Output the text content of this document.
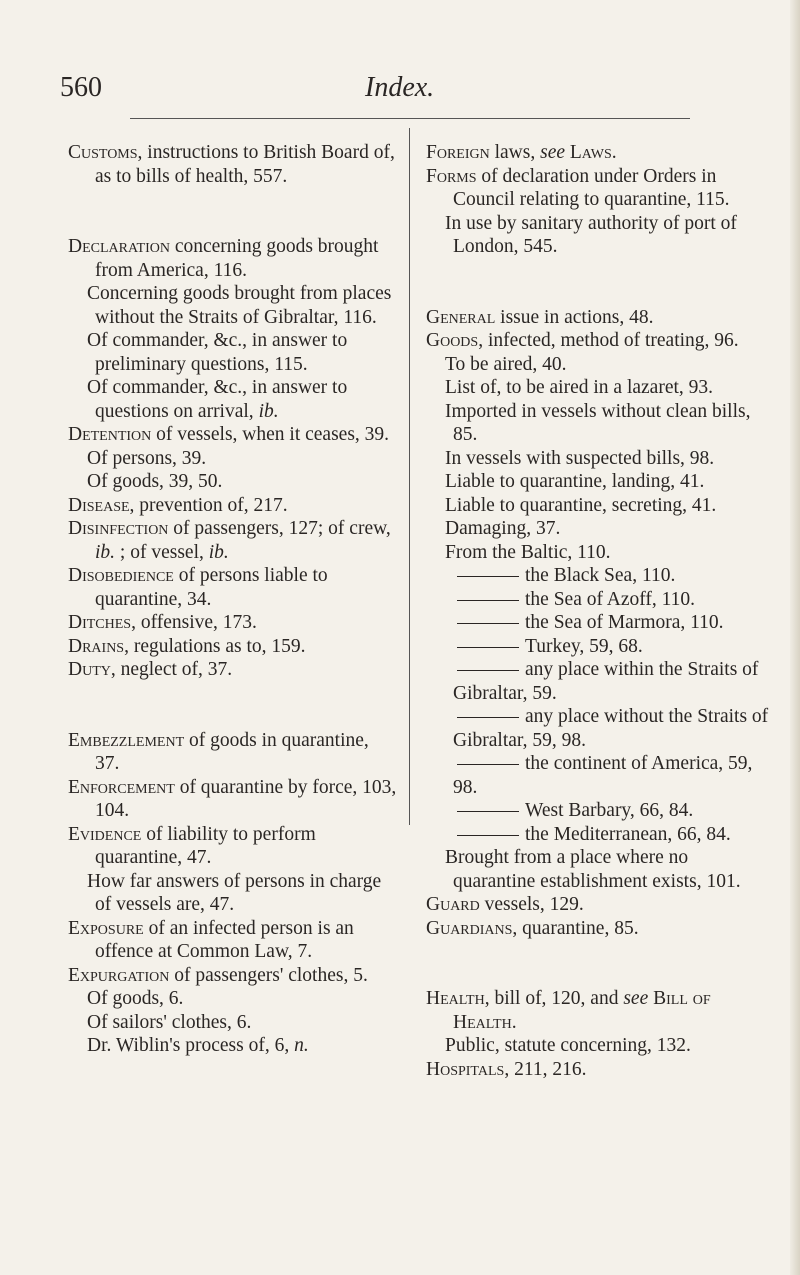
560	Index.

Customs, instructions to British Board of, as to bills of health, 557.

Declaration concerning goods brought from America, 116.

Concerning goods brought from places without the Straits of Gibraltar, 116.

Of commander, &c., in answer to preliminary questions, 115.

Of commander, &c., in answer to questions on arrival, ib.

Detention of vessels, when it ceases, 39.

Of persons, 39.

Of goods, 39, 50.

Disease, prevention of, 217.

Disinfection of passengers, 127; of crew, ib. ; of vessel, ib.

Disobedience of persons liable to quarantine, 34.

Ditches, offensive, 173.

Drains, regulations as to, 159.

Duty, neglect of, 37.

Embezzlement of goods in quarantine, 37.

Enforcement of quarantine by force, 103, 104.

Evidence of liability to perform quarantine, 47.

How far answers of persons in charge of vessels are, 47.

Exposure of an infected person is an offence at Common Law, 7.

Expurgation of passengers' clothes, 5.

Of goods, 6.

Of sailors' clothes, 6.

Dr. Wiblin's process of, 6, n.

Foreign laws, see Laws.

Forms of declaration under Orders in Council relating to quarantine, 115.

In use by sanitary authority of port of London, 545.

General issue in actions, 48.

Goods, infected, method of treating, 96.

To be aired, 40.

List of, to be aired in a lazaret, 93.

Imported in vessels without clean bills, 85.

In vessels with suspected bills, 98.

Liable to quarantine, landing, 41.

Liable to quarantine, secreting, 41.

Damaging, 37.

From the Baltic, 110.

the Black Sea, 110.

the Sea of Azoff, 110.

the Sea of Marmora, 110.

Turkey, 59, 68.

any place within the Straits of Gibraltar, 59.

any place without the Straits of Gibraltar, 59, 98.

the continent of America, 59, 98.

West Barbary, 66, 84.

the Mediterranean, 66, 84.

Brought from a place where no quarantine establishment exists, 101.

Guard vessels, 129.

Guardians, quarantine, 85.

Health, bill of, 120, and see Bill of Health.

Public, statute concerning, 132.

Hospitals, 211, 216.
